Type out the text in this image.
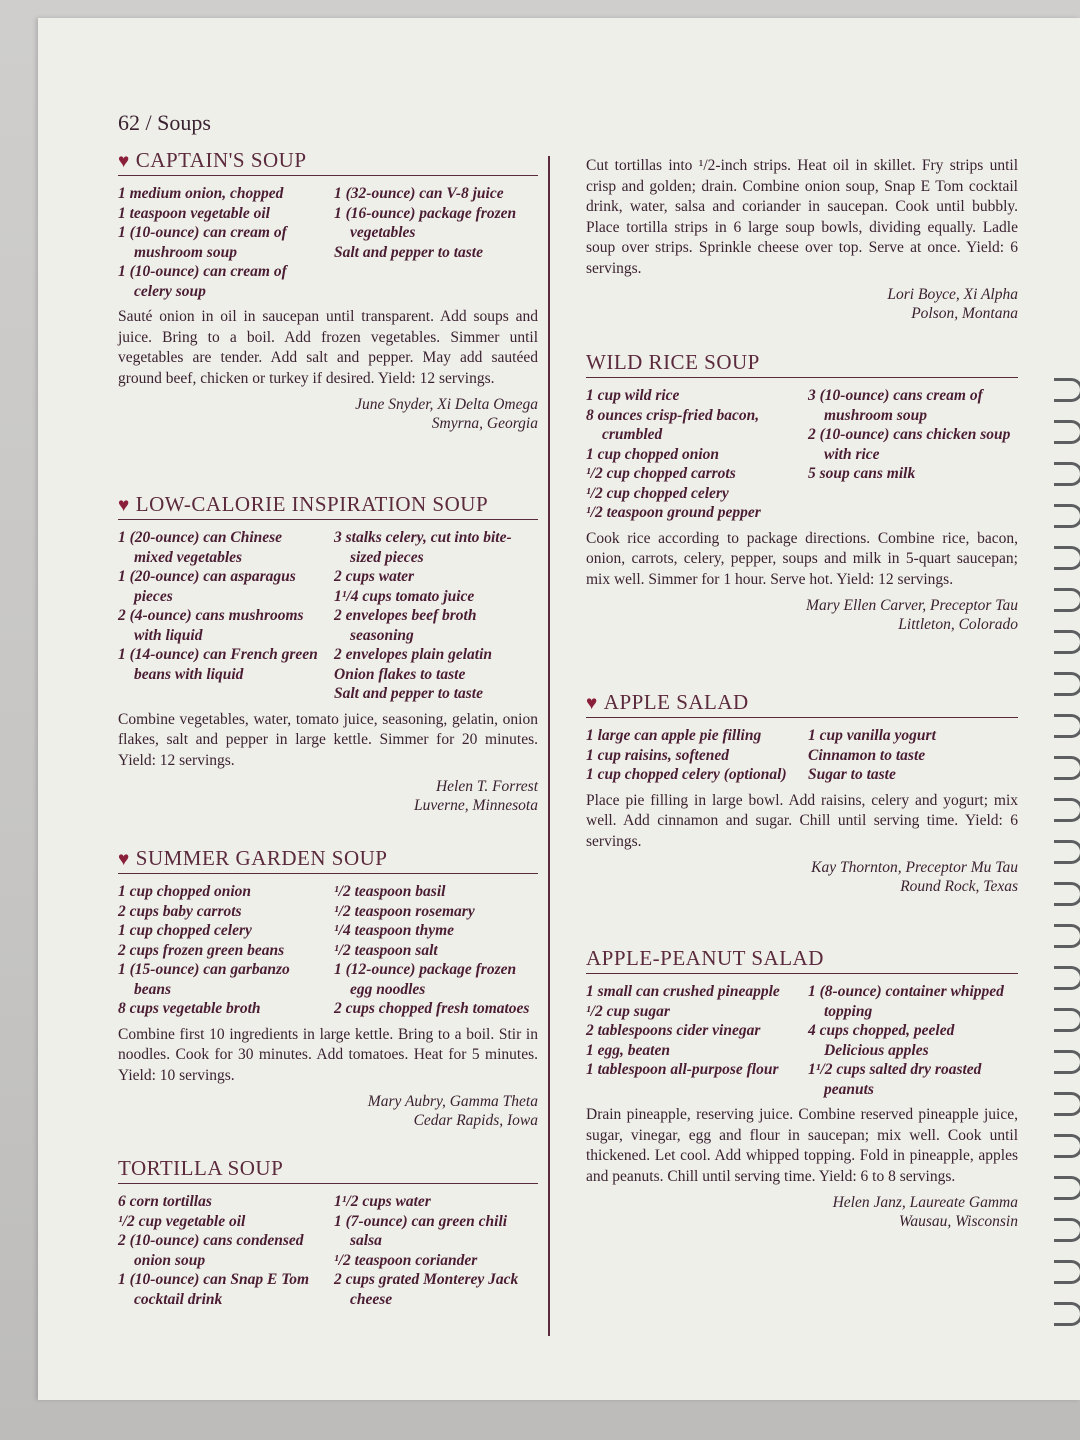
62 / Soups
♥ CAPTAIN'S SOUP
1 medium onion, chopped
1 teaspoon vegetable oil
1 (10-ounce) can cream of mushroom soup
1 (10-ounce) can cream of celery soup
1 (32-ounce) can V-8 juice
1 (16-ounce) package frozen vegetables
Salt and pepper to taste
Sauté onion in oil in saucepan until transparent. Add soups and juice. Bring to a boil. Add frozen vegetables. Simmer until vegetables are tender. Add salt and pepper. May add sautéed ground beef, chicken or turkey if desired. Yield: 12 servings.
June Snyder, Xi Delta Omega
Smyrna, Georgia
♥ LOW-CALORIE INSPIRATION SOUP
1 (20-ounce) can Chinese mixed vegetables
1 (20-ounce) can asparagus pieces
2 (4-ounce) cans mushrooms with liquid
1 (14-ounce) can French green beans with liquid
3 stalks celery, cut into bite-sized pieces
2 cups water
1¹/4 cups tomato juice
2 envelopes beef broth seasoning
2 envelopes plain gelatin
Onion flakes to taste
Salt and pepper to taste
Combine vegetables, water, tomato juice, seasoning, gelatin, onion flakes, salt and pepper in large kettle. Simmer for 20 minutes. Yield: 12 servings.
Helen T. Forrest
Luverne, Minnesota
♥ SUMMER GARDEN SOUP
1 cup chopped onion
2 cups baby carrots
1 cup chopped celery
2 cups frozen green beans
1 (15-ounce) can garbanzo beans
8 cups vegetable broth
¹/2 teaspoon basil
¹/2 teaspoon rosemary
¹/4 teaspoon thyme
¹/2 teaspoon salt
1 (12-ounce) package frozen egg noodles
2 cups chopped fresh tomatoes
Combine first 10 ingredients in large kettle. Bring to a boil. Stir in noodles. Cook for 30 minutes. Add tomatoes. Heat for 5 minutes. Yield: 10 servings.
Mary Aubry, Gamma Theta
Cedar Rapids, Iowa
TORTILLA SOUP
6 corn tortillas
¹/2 cup vegetable oil
2 (10-ounce) cans condensed onion soup
1 (10-ounce) can Snap E Tom cocktail drink
1¹/2 cups water
1 (7-ounce) can green chili salsa
¹/2 teaspoon coriander
2 cups grated Monterey Jack cheese
Cut tortillas into ¹/2-inch strips. Heat oil in skillet. Fry strips until crisp and golden; drain. Combine onion soup, Snap E Tom cocktail drink, water, salsa and coriander in saucepan. Cook until bubbly. Place tortilla strips in 6 large soup bowls, dividing equally. Ladle soup over strips. Sprinkle cheese over top. Serve at once. Yield: 6 servings.
Lori Boyce, Xi Alpha
Polson, Montana
WILD RICE SOUP
1 cup wild rice
8 ounces crisp-fried bacon, crumbled
1 cup chopped onion
¹/2 cup chopped carrots
¹/2 cup chopped celery
¹/2 teaspoon ground pepper
3 (10-ounce) cans cream of mushroom soup
2 (10-ounce) cans chicken soup with rice
5 soup cans milk
Cook rice according to package directions. Combine rice, bacon, onion, carrots, celery, pepper, soups and milk in 5-quart saucepan; mix well. Simmer for 1 hour. Serve hot. Yield: 12 servings.
Mary Ellen Carver, Preceptor Tau
Littleton, Colorado
♥ APPLE SALAD
1 large can apple pie filling
1 cup raisins, softened
1 cup chopped celery (optional)
1 cup vanilla yogurt
Cinnamon to taste
Sugar to taste
Place pie filling in large bowl. Add raisins, celery and yogurt; mix well. Add cinnamon and sugar. Chill until serving time. Yield: 6 servings.
Kay Thornton, Preceptor Mu Tau
Round Rock, Texas
APPLE-PEANUT SALAD
1 small can crushed pineapple
¹/2 cup sugar
2 tablespoons cider vinegar
1 egg, beaten
1 tablespoon all-purpose flour
1 (8-ounce) container whipped topping
4 cups chopped, peeled Delicious apples
1¹/2 cups salted dry roasted peanuts
Drain pineapple, reserving juice. Combine reserved pineapple juice, sugar, vinegar, egg and flour in saucepan; mix well. Cook until thickened. Let cool. Add whipped topping. Fold in pineapple, apples and peanuts. Chill until serving time. Yield: 6 to 8 servings.
Helen Janz, Laureate Gamma
Wausau, Wisconsin
